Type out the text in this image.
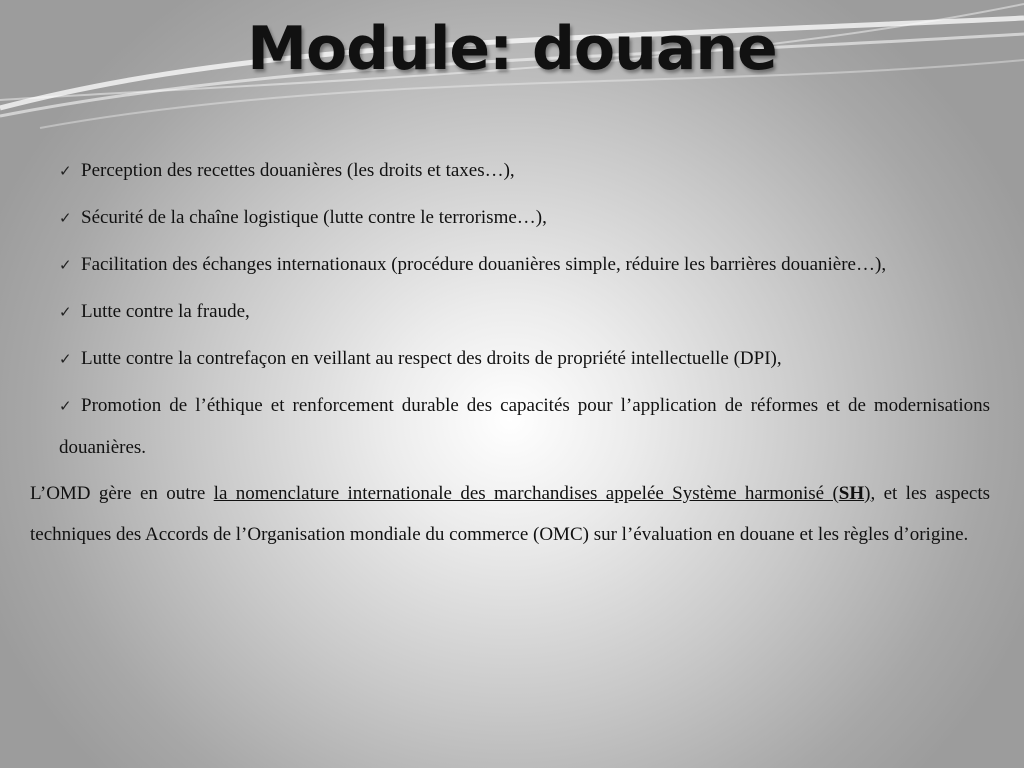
Module: douane
✓ Perception des recettes douanières (les droits et taxes…),
✓ Sécurité de la chaîne logistique (lutte contre le terrorisme…),
✓ Facilitation des échanges internationaux (procédure douanières simple, réduire les barrières douanière…),
✓ Lutte contre la fraude,
✓ Lutte contre la contrefaçon en veillant au respect des droits de propriété intellectuelle (DPI),
✓ Promotion de l’éthique et renforcement durable des capacités pour l’application de réformes et de modernisations douanières.

L’OMD gère en outre la nomenclature internationale des marchandises appelée Système harmonisé (SH), et les aspects techniques des Accords de l’Organisation mondiale du commerce (OMC) sur l’évaluation en douane et les règles d’origine.
